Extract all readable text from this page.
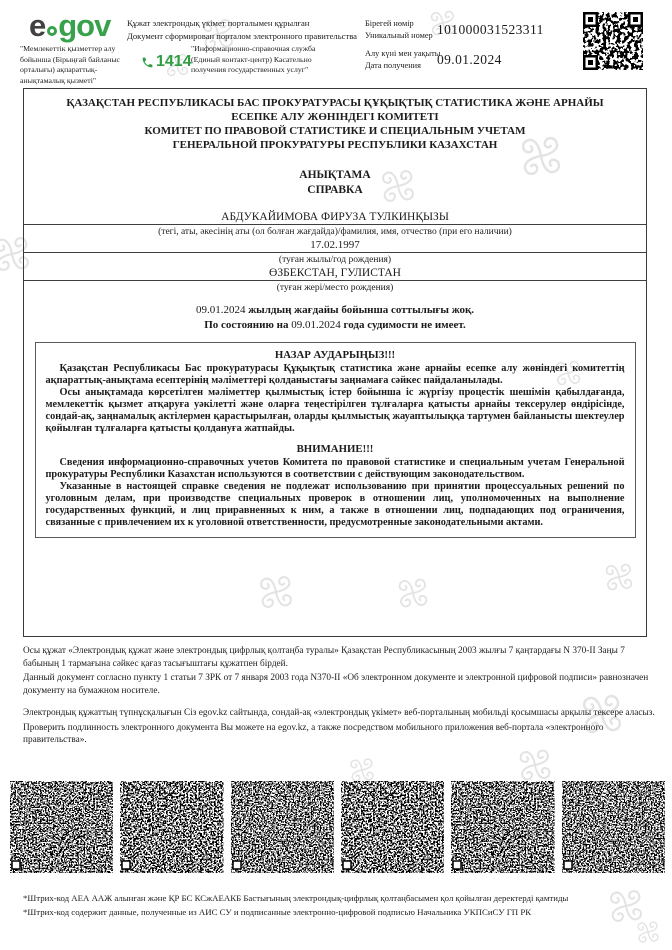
e gov Құжат электрондық үкімет порталымен құрылған
Документ сформирован порталом электронного правительства
"Мемлекеттік қызметтер алу бойынша (Бірыңғай байланыс орталығы) ақпараттық-анықтамалық қызметі"
1414
"Информационно-справочная служба (Единый контакт-центр) Касательно получения государственных услуг"
Бірегей нөмір
Уникальный номер 101000031523311
Алу күні мен уақыты
Дата получения	09.01.2024
ҚАЗАҚСТАН РЕСПУБЛИКАСЫ БАС ПРОКУРАТУРАСЫ ҚҰҚЫҚТЫҚ СТАТИСТИКА ЖӘНЕ АРНАЙЫ ЕСЕПКЕ АЛУ ЖӨНІНДЕГІ КОМИТЕТІ
КОМИТЕТ ПО ПРАВОВОЙ СТАТИСТИКЕ И СПЕЦИАЛЬНЫМ УЧЕТАМ
ГЕНЕРАЛЬНОЙ ПРОКУРАТУРЫ РЕСПУБЛИКИ КАЗАХСТАН
АНЫҚТАМА
СПРАВКА
АБДУКАЙИМОВА ФИРУЗА ТУЛКИНҚЫЗЫ
(тегі, аты, әкесінің аты (ол болған жағдайда)/фамилия, имя, отчество (при его наличии)
17.02.1997
(туған жылы/год рождения)
ӨЗБЕКСТАН, ГУЛИСТАН
(туған жері/место рождения)
09.01.2024 жылдың жағдайы бойынша соттылығы жоқ.
По состоянию на 09.01.2024 года судимости не имеет.
НАЗАР АУДАРЫҢЫЗ!!!

Қазақстан Республикасы Бас прокуратурасы Құқықтық статистика және арнайы есепке алу жөніндегі комитеттің ақпараттық-анықтама есептерінің мәліметтері қолданыстағы заңнамаға сәйкес пайдаланылады.

Осы анықтамада көрсетілген мәліметтер қылмыстық істер бойынша іс жүргізу процестік шешімін қабылдағанда, мемлекеттік қызмет атқаруға уәкілетті және оларға теңестірілген тұлғаларға қатысты арнайы тексерулер өндірісінде, сондай-ақ, заңнамалық актілермен қарастырылған, оларды қылмыстық жауаптылыққа тартумен байланысты шектеулер қойылған тұлғаларға қатысты қолдануға жатпайды.

ВНИМАНИЕ!!!

Сведения информационно-справочных учетов Комитета по правовой статистике и специальным учетам Генеральной прокуратуры Республики Казахстан используются в соответствии с действующим законодательством.

Указанные в настоящей справке сведения не подлежат использованию при принятии процессуальных решений по уголовным делам, при производстве специальных проверок в отношении лиц, уполномоченных на выполнение государственных функций, и лиц приравненных к ним, а также в отношении лиц, подпадающих под ограничения, связанные с привлечением их к уголовной ответственности, предусмотренные законодательными актами.

Осы құжат «Электрондық құжат және электрондық цифрлық қолтаңба туралы» Қазақстан Республикасының 2003 жылғы 7 қаңтардағы N 370-II Заңы 7 бабының 1 тармағына сәйкес қағаз тасығыштағы құжатпен бірдей.

Данный документ согласно пункту 1 статьи 7 ЗРК от 7 января 2003 года N370-II «Об электронном документе и электронной цифровой подписи» равнозначен документу на бумажном носителе.

Электрондық құжаттың түпнұсқалығын Сіз egov.kz сайтында, сондай-ақ «электрондық үкімет» веб-порталының мобильді қосымшасы арқылы тексере аласыз.

Проверить подлинность электронного документа Вы можете на egov.kz, а также посредством мобильного приложения веб-портала «электронного правительства».

*Штрих-код АЕА ААЖ алынған және ҚР БС КСжАЕАКБ Бастығының электрондық-цифрлық қолтаңбасымен қол қойылған деректерді қамтиды
*Штрих-код содержит данные, полученные из АИС СУ и подписанные электронно-цифровой подписью Начальника УКПСиСУ ГП РК
